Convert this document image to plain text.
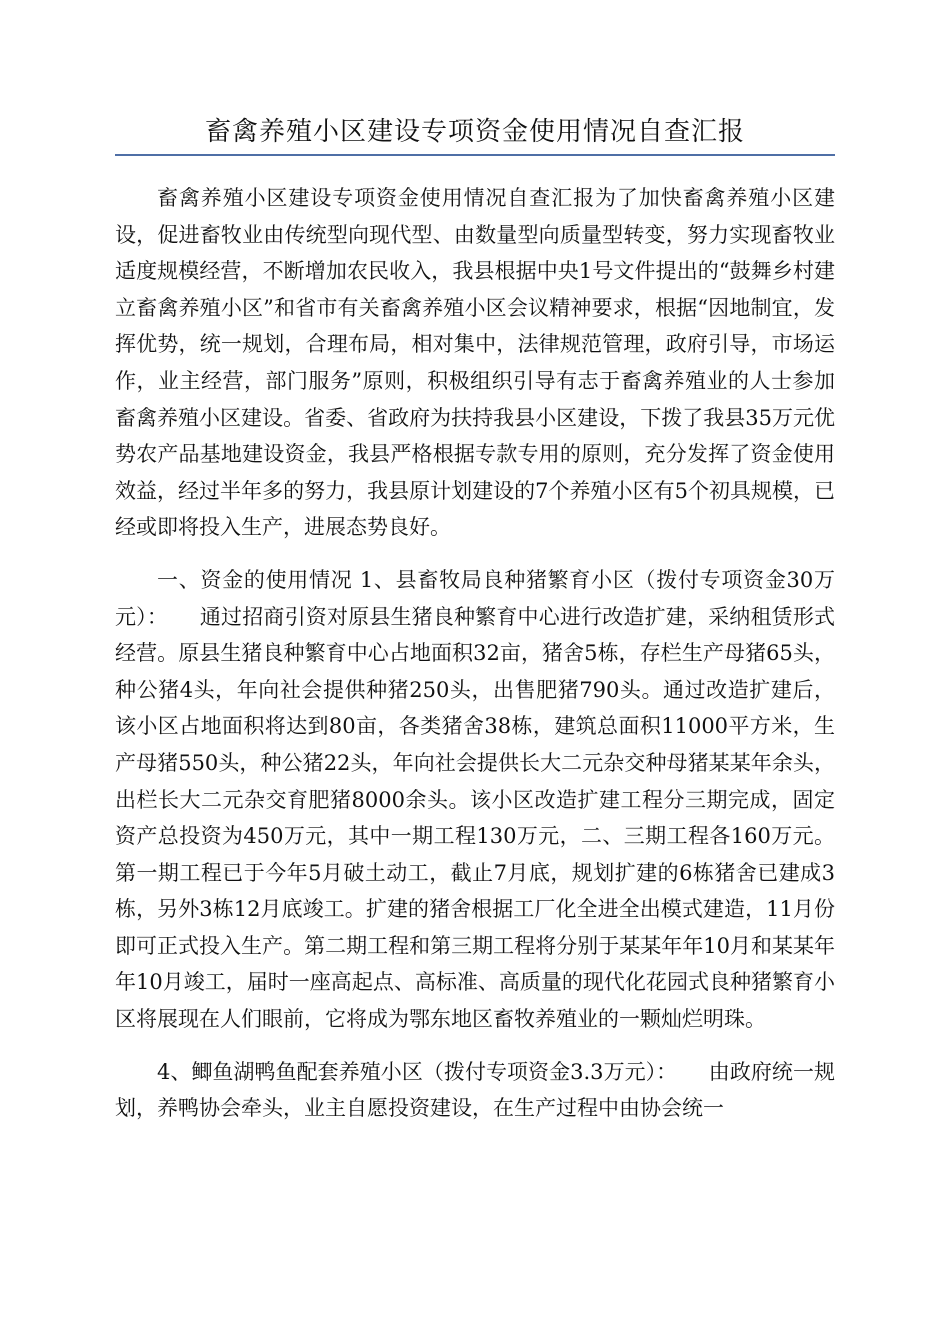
畜禽养殖小区建设专项资金使用情况自查汇报

畜禽养殖小区建设专项资金使用情况自查汇报为了加快畜禽养殖小区建设，促进畜牧业由传统型向现代型、由数量型向质量型转变，努力实现畜牧业适度规模经营，不断增加农民收入，我县根据中央1号文件提出的“鼓舞乡村建立畜禽养殖小区”和省市有关畜禽养殖小区会议精神要求，根据“因地制宜，发挥优势，统一规划，合理布局，相对集中，法律规范管理，政府引导，市场运作，业主经营，部门服务”原则，积极组织引导有志于畜禽养殖业的人士参加畜禽养殖小区建设。省委、省政府为扶持我县小区建设，下拨了我县35万元优势农产品基地建设资金，我县严格根据专款专用的原则，充分发挥了资金使用效益，经过半年多的努力，我县原计划建设的7个养殖小区有5个初具规模，已经或即将投入生产，进展态势良好。

一、资金的使用情况 1、县畜牧局良种猪繁育小区（拨付专项资金30万元）：　　通过招商引资对原县生猪良种繁育中心进行改造扩建，采纳租赁形式经营。原县生猪良种繁育中心占地面积32亩，猪舍5栋，存栏生产母猪65头，种公猪4头，年向社会提供种猪250头，出售肥猪790头。通过改造扩建后，该小区占地面积将达到80亩，各类猪舍38栋，建筑总面积11000平方米，生产母猪550头，种公猪22头，年向社会提供长大二元杂交种母猪某某年余头，出栏长大二元杂交育肥猪8000余头。该小区改造扩建工程分三期完成，固定资产总投资为450万元，其中一期工程130万元，二、三期工程各160万元。第一期工程已于今年5月破土动工，截止7月底，规划扩建的6栋猪舍已建成3栋，另外3栋12月底竣工。扩建的猪舍根据工厂化全进全出模式建造，11月份即可正式投入生产。第二期工程和第三期工程将分别于某某年年10月和某某年年10月竣工，届时一座高起点、高标准、高质量的现代化花园式良种猪繁育小区将展现在人们眼前，它将成为鄂东地区畜牧养殖业的一颗灿烂明珠。

4、鲫鱼湖鸭鱼配套养殖小区（拨付专项资金3.3万元）：　　由政府统一规划，养鸭协会牵头，业主自愿投资建设，在生产过程中由协会统一
